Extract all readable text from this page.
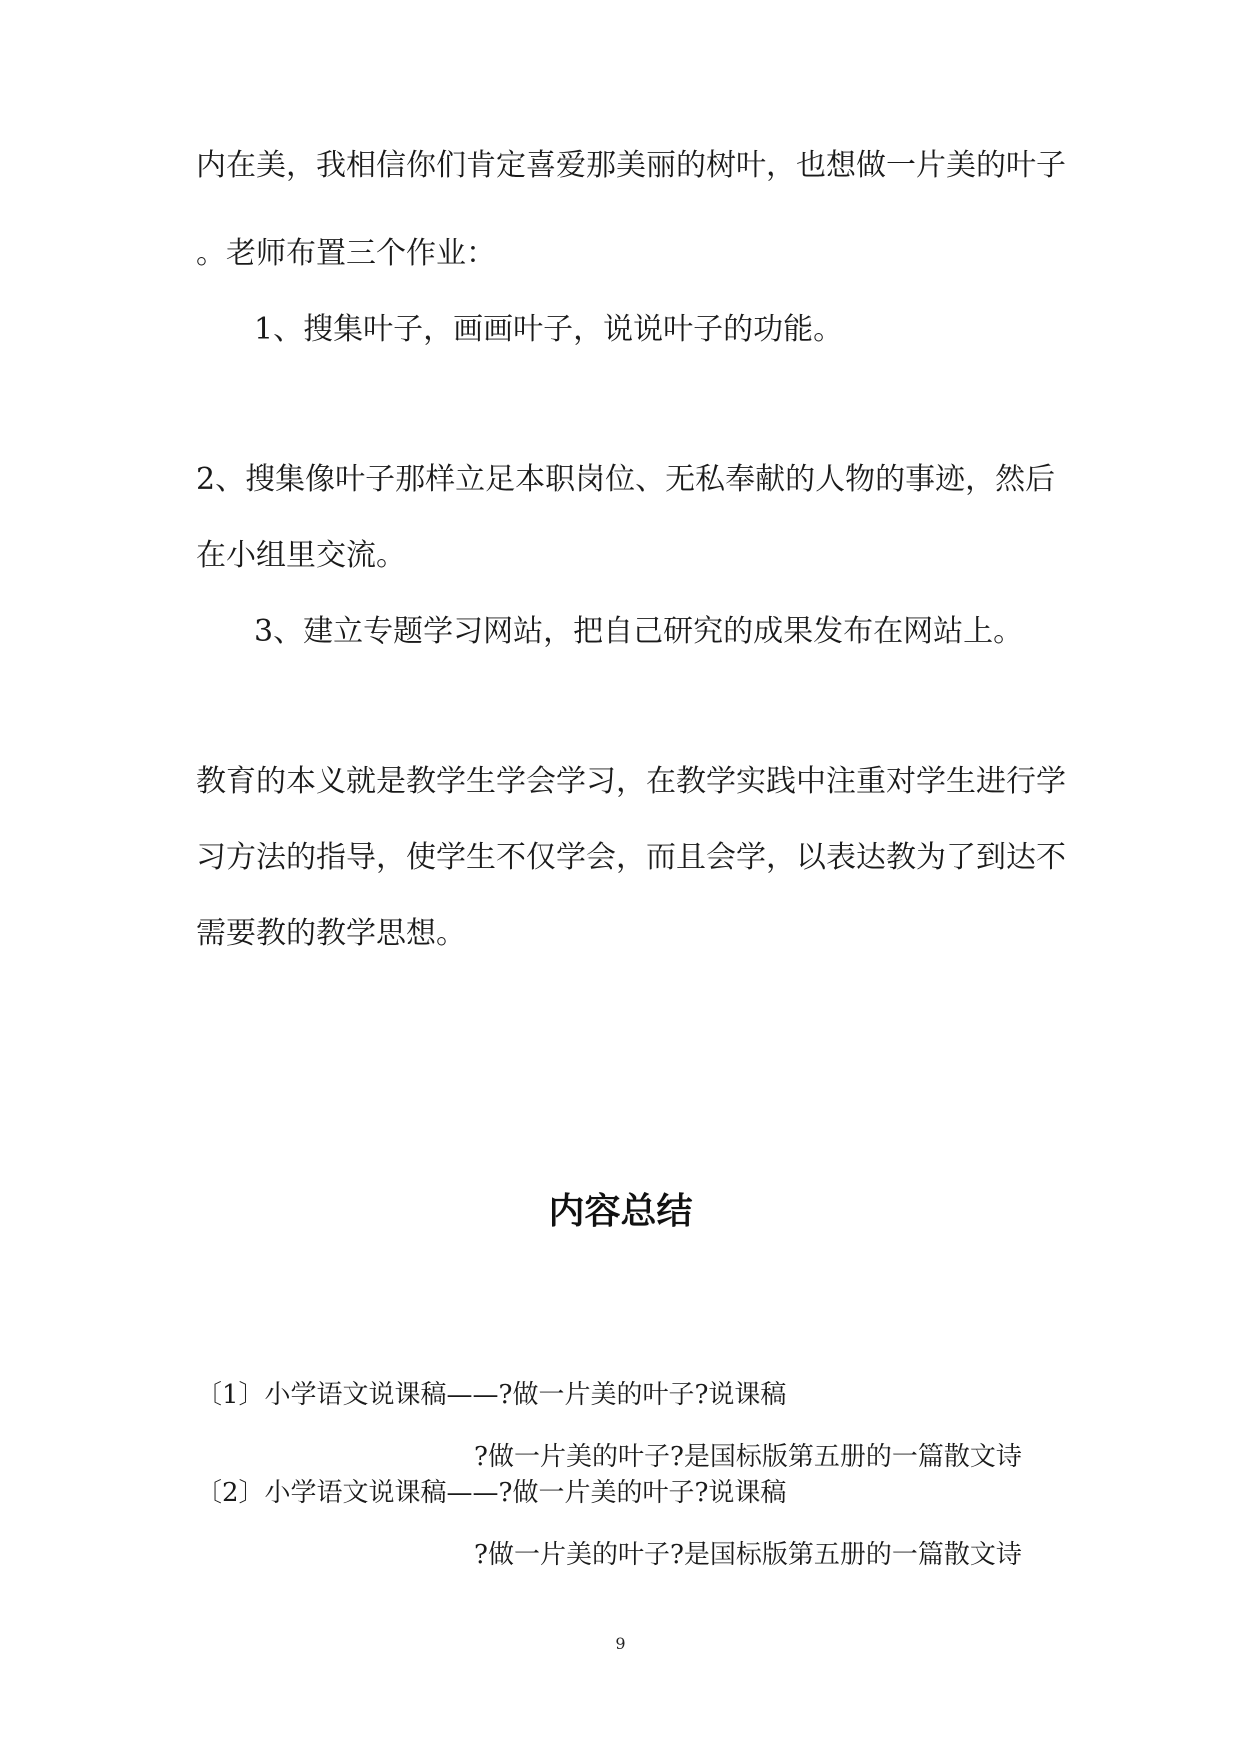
内在美，我相信你们肯定喜爱那美丽的树叶，也想做一片美的叶子
。老师布置三个作业：
1、搜集叶子，画画叶子，说说叶子的功能。
2、搜集像叶子那样立足本职岗位、无私奉献的人物的事迹，然后
在小组里交流。
3、建立专题学习网站，把自己研究的成果发布在网站上。
教育的本义就是教学生学会学习，在教学实践中注重对学生进行学
习方法的指导，使学生不仅学会，而且会学，以表达教为了到达不
需要教的教学思想。
内容总结
〔1〕小学语文说课稿——?做一片美的叶子?说课稿
?做一片美的叶子?是国标版第五册的一篇散文诗
〔2〕小学语文说课稿——?做一片美的叶子?说课稿
?做一片美的叶子?是国标版第五册的一篇散文诗
9
